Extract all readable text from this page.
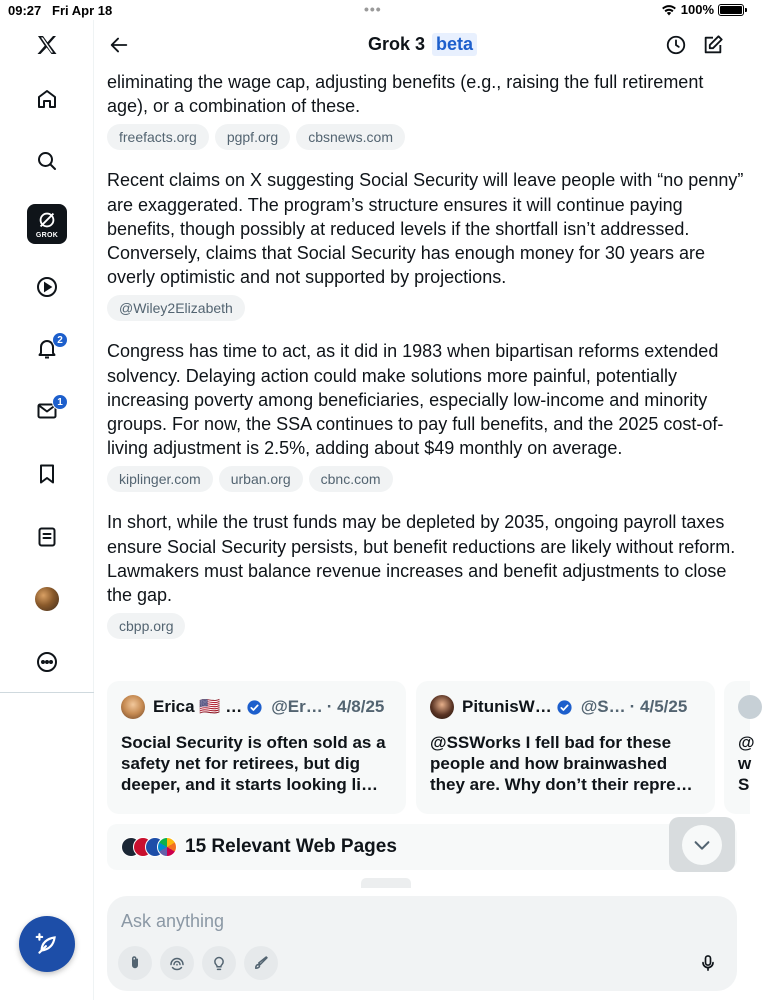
09:27 Fri Apr 18	•••	100%
GROK
2
1
Grok 3 beta

eliminating the wage cap, adjusting benefits (e.g., raising the full retirement age), or a combination of these.

freefacts.org	pgpf.org	cbsnews.com

Recent claims on X suggesting Social Security will leave people with “no penny” are exaggerated. The program’s structure ensures it will continue paying benefits, though possibly at reduced levels if the shortfall isn’t addressed. Conversely, claims that Social Security has enough money for 30 years are overly optimistic and not supported by projections.

@Wiley2Elizabeth

Congress has time to act, as it did in 1983 when bipartisan reforms extended solvency. Delaying action could make solutions more painful, potentially increasing poverty among beneficiaries, especially low-income and minority groups. For now, the SSA continues to pay full benefits, and the 2025 cost-of-living adjustment is 2.5%, adding about $49 monthly on average.

kiplinger.com	urban.org	cbnc.com

In short, while the trust funds may be depleted by 2035, ongoing payroll taxes ensure Social Security persists, but benefit reductions are likely without reform. Lawmakers must balance revenue increases and benefit adjustments to close the gap.

cbpp.org
Erica 🇺🇸 … @Er… · 4/8/25

Social Security is often sold as a safety net for retirees, but dig deeper, and it starts looking li…

PitunisW… @S… · 4/5/25

@SSWorks I fell bad for these people and how brainwashed they are. Why don’t their repre…

@ w S

15 Relevant Web Pages
Ask anything
